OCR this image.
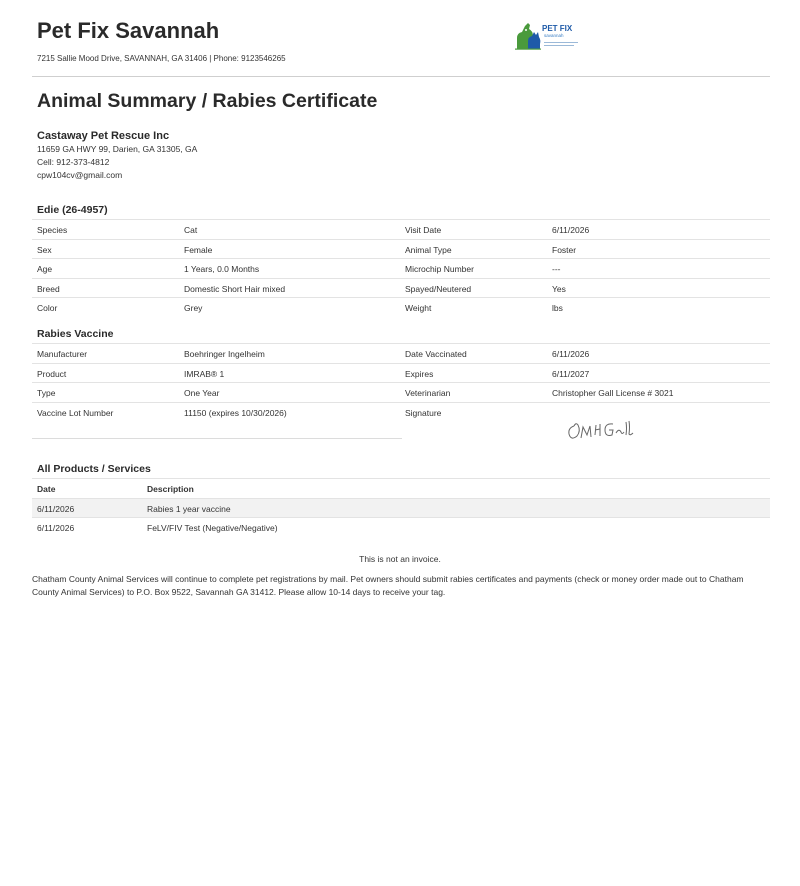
Pet Fix Savannah
7215 Sallie Mood Drive, SAVANNAH, GA 31406 | Phone: 9123546265
PET FIX
savannah
Animal Summary / Rabies Certificate
Castaway Pet Rescue Inc
11659 GA HWY 99, Darien, GA 31305, GA
Cell: 912-373-4812
cpw104cv@gmail.com
Edie (26-4957)
Species	Cat	Visit Date	6/11/2026
Sex	Female	Animal Type	Foster
Age	1 Years, 0.0 Months	Microchip Number	---
Breed	Domestic Short Hair mixed	Spayed/Neutered	Yes
Color	Grey	Weight	lbs
Rabies Vaccine
Manufacturer	Boehringer Ingelheim	Date Vaccinated	6/11/2026
Product	IMRAB® 1	Expires	6/11/2027
Type	One Year	Veterinarian	Christopher Gall License # 3021
Vaccine Lot Number	11150 (expires 10/30/2026)	Signature
All Products / Services
Date	Description
6/11/2026	Rabies 1 year vaccine
6/11/2026	FeLV/FIV Test (Negative/Negative)
This is not an invoice.
Chatham County Animal Services will continue to complete pet registrations by mail. Pet owners should submit rabies certificates and payments (check or money order made out to Chatham County Animal Services) to P.O. Box 9522, Savannah GA 31412. Please allow 10-14 days to receive your tag.
